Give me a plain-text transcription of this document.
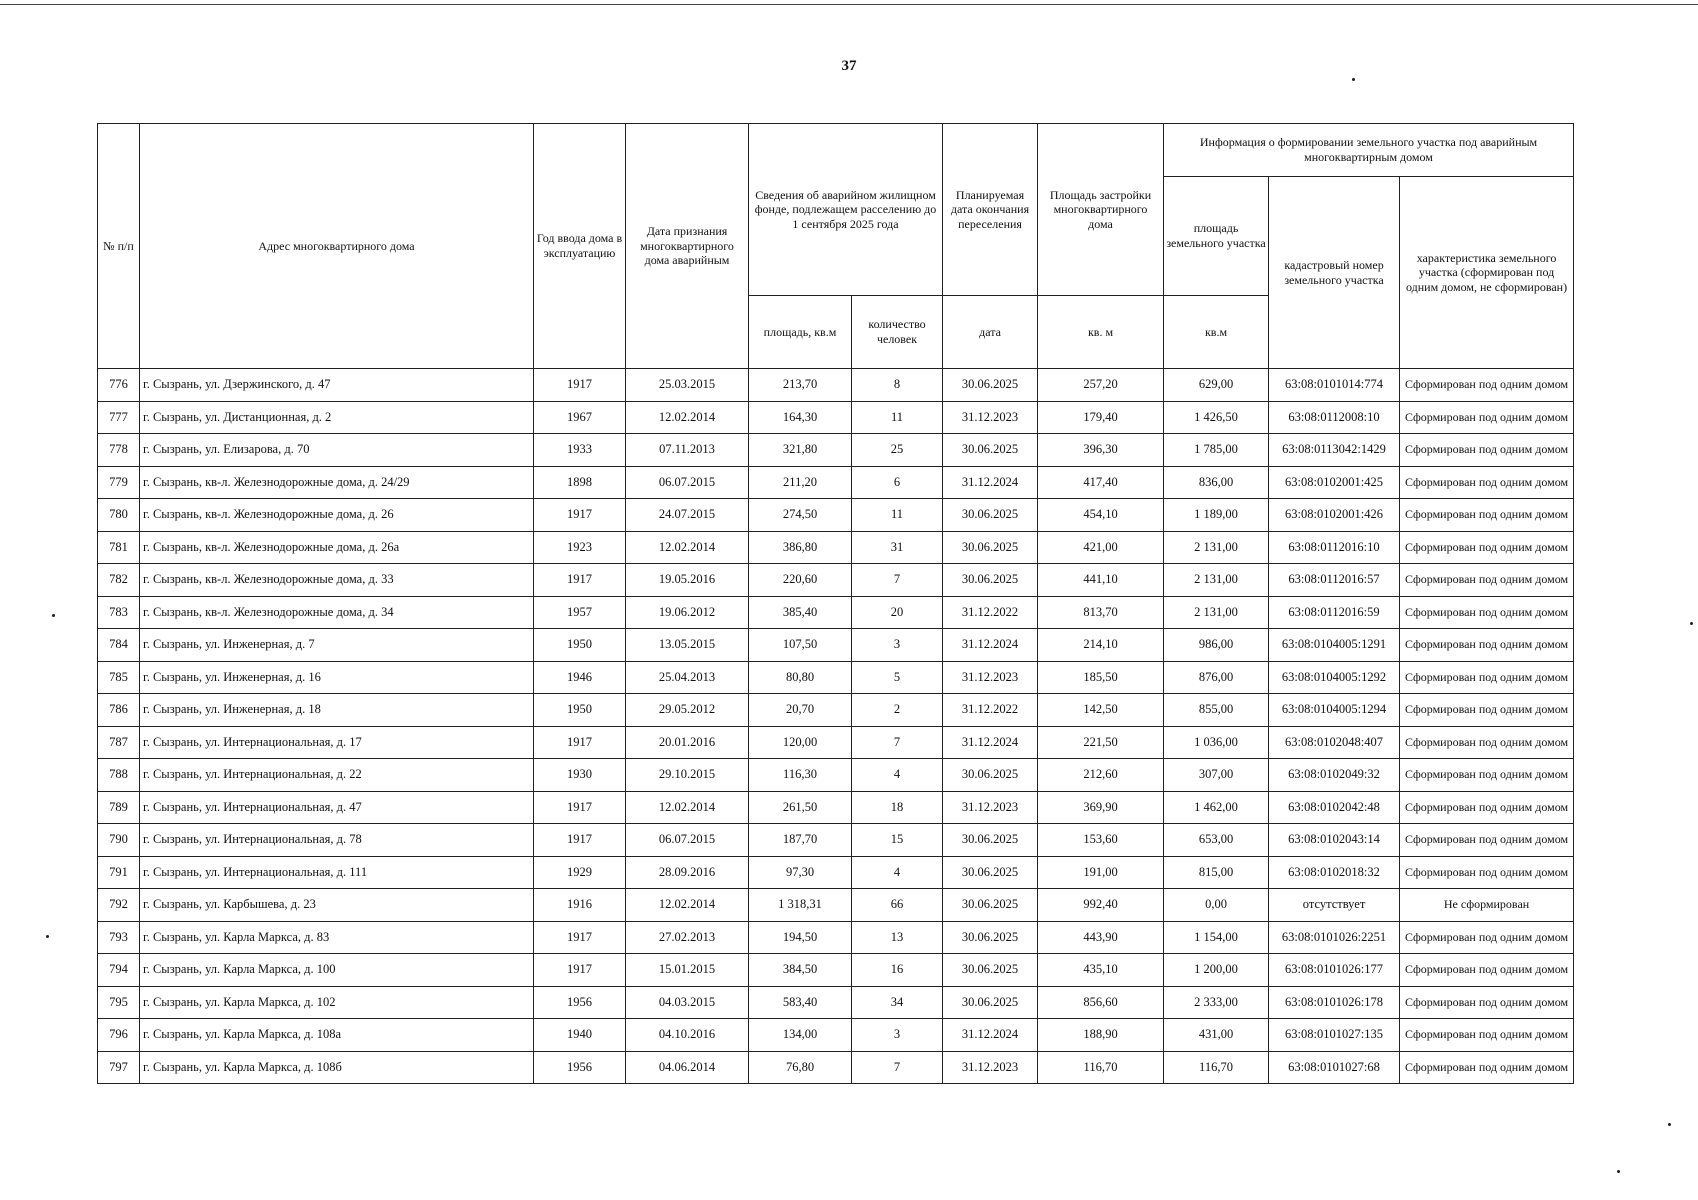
37
№ п/п	Адрес многоквартирного дома	Год ввода дома в эксплуатацию	Дата признания многоквартирного дома аварийным	Сведения об аварийном жилищном фонде, подлежащем расселению до 1 сентября 2025 года		Планируемая дата окончания переселения	Площадь застройки многоквартирного дома	Информация о формировании земельного участка под аварийным многоквартирным домом		
								площадь земельного участка	кадастровый номер земельного участка	характеристика земельного участка (сформирован под одним домом, не сформирован)
				площадь, кв.м	количество человек	дата	кв. м	кв.м		
776	г. Сызрань, ул. Дзержинского, д. 47	1917	25.03.2015	213,70	8	30.06.2025	257,20	629,00	63:08:0101014:774	Сформирован под одним домом
777	г. Сызрань, ул. Дистанционная, д. 2	1967	12.02.2014	164,30	11	31.12.2023	179,40	1 426,50	63:08:0112008:10	Сформирован под одним домом
778	г. Сызрань, ул. Елизарова, д. 70	1933	07.11.2013	321,80	25	30.06.2025	396,30	1 785,00	63:08:0113042:1429	Сформирован под одним домом
779	г. Сызрань, кв-л. Железнодорожные дома, д. 24/29	1898	06.07.2015	211,20	6	31.12.2024	417,40	836,00	63:08:0102001:425	Сформирован под одним домом
780	г. Сызрань, кв-л. Железнодорожные дома, д. 26	1917	24.07.2015	274,50	11	30.06.2025	454,10	1 189,00	63:08:0102001:426	Сформирован под одним домом
781	г. Сызрань, кв-л. Железнодорожные дома, д. 26а	1923	12.02.2014	386,80	31	30.06.2025	421,00	2 131,00	63:08:0112016:10	Сформирован под одним домом
782	г. Сызрань, кв-л. Железнодорожные дома, д. 33	1917	19.05.2016	220,60	7	30.06.2025	441,10	2 131,00	63:08:0112016:57	Сформирован под одним домом
783	г. Сызрань, кв-л. Железнодорожные дома, д. 34	1957	19.06.2012	385,40	20	31.12.2022	813,70	2 131,00	63:08:0112016:59	Сформирован под одним домом
784	г. Сызрань, ул. Инженерная, д. 7	1950	13.05.2015	107,50	3	31.12.2024	214,10	986,00	63:08:0104005:1291	Сформирован под одним домом
785	г. Сызрань, ул. Инженерная, д. 16	1946	25.04.2013	80,80	5	31.12.2023	185,50	876,00	63:08:0104005:1292	Сформирован под одним домом
786	г. Сызрань, ул. Инженерная, д. 18	1950	29.05.2012	20,70	2	31.12.2022	142,50	855,00	63:08:0104005:1294	Сформирован под одним домом
787	г. Сызрань, ул. Интернациональная, д. 17	1917	20.01.2016	120,00	7	31.12.2024	221,50	1 036,00	63:08:0102048:407	Сформирован под одним домом
788	г. Сызрань, ул. Интернациональная, д. 22	1930	29.10.2015	116,30	4	30.06.2025	212,60	307,00	63:08:0102049:32	Сформирован под одним домом
789	г. Сызрань, ул. Интернациональная, д. 47	1917	12.02.2014	261,50	18	31.12.2023	369,90	1 462,00	63:08:0102042:48	Сформирован под одним домом
790	г. Сызрань, ул. Интернациональная, д. 78	1917	06.07.2015	187,70	15	30.06.2025	153,60	653,00	63:08:0102043:14	Сформирован под одним домом
791	г. Сызрань, ул. Интернациональная, д. 111	1929	28.09.2016	97,30	4	30.06.2025	191,00	815,00	63:08:0102018:32	Сформирован под одним домом
792	г. Сызрань, ул. Карбышева, д. 23	1916	12.02.2014	1 318,31	66	30.06.2025	992,40	0,00	отсутствует	Не сформирован
793	г. Сызрань, ул. Карла Маркса, д. 83	1917	27.02.2013	194,50	13	30.06.2025	443,90	1 154,00	63:08:0101026:2251	Сформирован под одним домом
794	г. Сызрань, ул. Карла Маркса, д. 100	1917	15.01.2015	384,50	16	30.06.2025	435,10	1 200,00	63:08:0101026:177	Сформирован под одним домом
795	г. Сызрань, ул. Карла Маркса, д. 102	1956	04.03.2015	583,40	34	30.06.2025	856,60	2 333,00	63:08:0101026:178	Сформирован под одним домом
796	г. Сызрань, ул. Карла Маркса, д. 108а	1940	04.10.2016	134,00	3	31.12.2024	188,90	431,00	63:08:0101027:135	Сформирован под одним домом
797	г. Сызрань, ул. Карла Маркса, д. 108б	1956	04.06.2014	76,80	7	31.12.2023	116,70	116,70	63:08:0101027:68	Сформирован под одним домом
